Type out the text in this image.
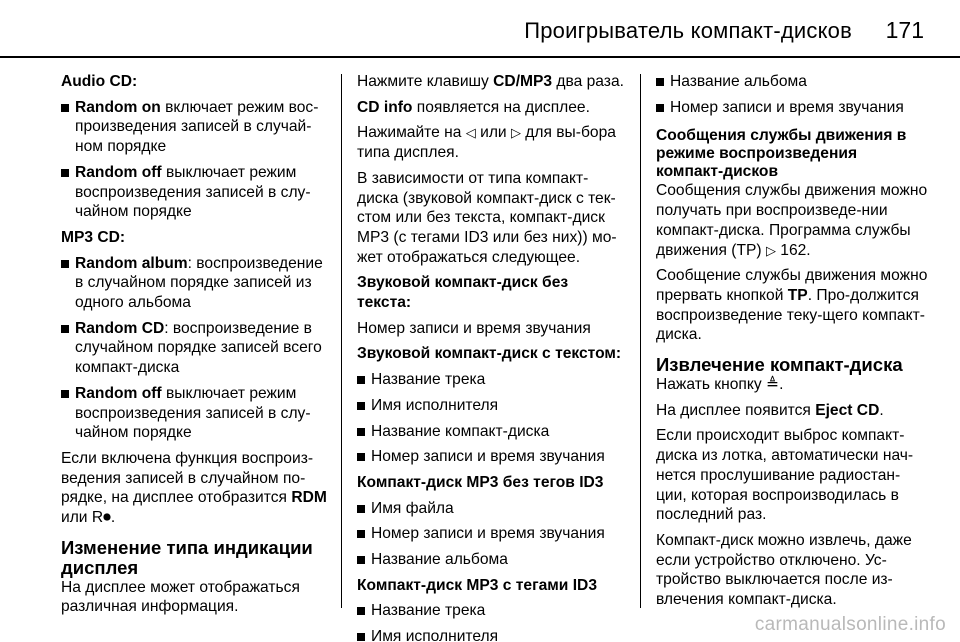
Проигрыватель компакт-дисков 171

Audio CD:

Random on включает режим вос-произведения записей в случай-ном порядке
Random off выключает режим воспроизведения записей в слу-чайном порядке

MP3 CD:

Random album: воспроизведение в случайном порядке записей из одного альбома
Random CD: воспроизведение в случайном порядке записей всего компакт-диска
Random off выключает режим воспроизведения записей в слу-чайном порядке

Если включена функция воспроиз-ведения записей в случайном по-рядке, на дисплее отобразится RDM или R⏺.

Изменение типа индикации дисплея

На дисплее может отображаться различная информация.

Нажмите клавишу CD/MP3 два раза.

CD info появляется на дисплее.

Нажимайте на ◁ или ▷ для вы-бора типа дисплея.

В зависимости от типа компакт-диска (звуковой компакт-диск с тек-стом или без текста, компакт-диск MP3 (с тегами ID3 или без них)) мо-жет отображаться следующее.

Звуковой компакт-диск без текста:

Номер записи и время звучания

Звуковой компакт-диск с текстом:

Название трека
Имя исполнителя
Название компакт-диска
Номер записи и время звучания

Компакт-диск MP3 без тегов ID3

Имя файла
Номер записи и время звучания
Название альбома

Компакт-диск MP3 с тегами ID3

Название трека
Имя исполнителя
Название альбома
Номер записи и время звучания
Сообщения службы движения в режиме воспроизведения компакт-дисков

Сообщения службы движения можно получать при воспроизведе-нии компакт-диска. Программа службы движения (TP) ▷ 162.

Сообщение службы движения можно прервать кнопкой TP. Про-должится воспроизведение теку-щего компакт-диска.

Извлечение компакт-диска

Нажать кнопку ≜.

На дисплее появится Eject CD.

Если происходит выброс компакт-диска из лотка, автоматически нач-нется прослушивание радиостан-ции, которая воспроизводилась в последний раз.

Компакт-диск можно извлечь, даже если устройство отключено. Ус-тройство выключается после из-влечения компакт-диска.

carmanualsonline.info
